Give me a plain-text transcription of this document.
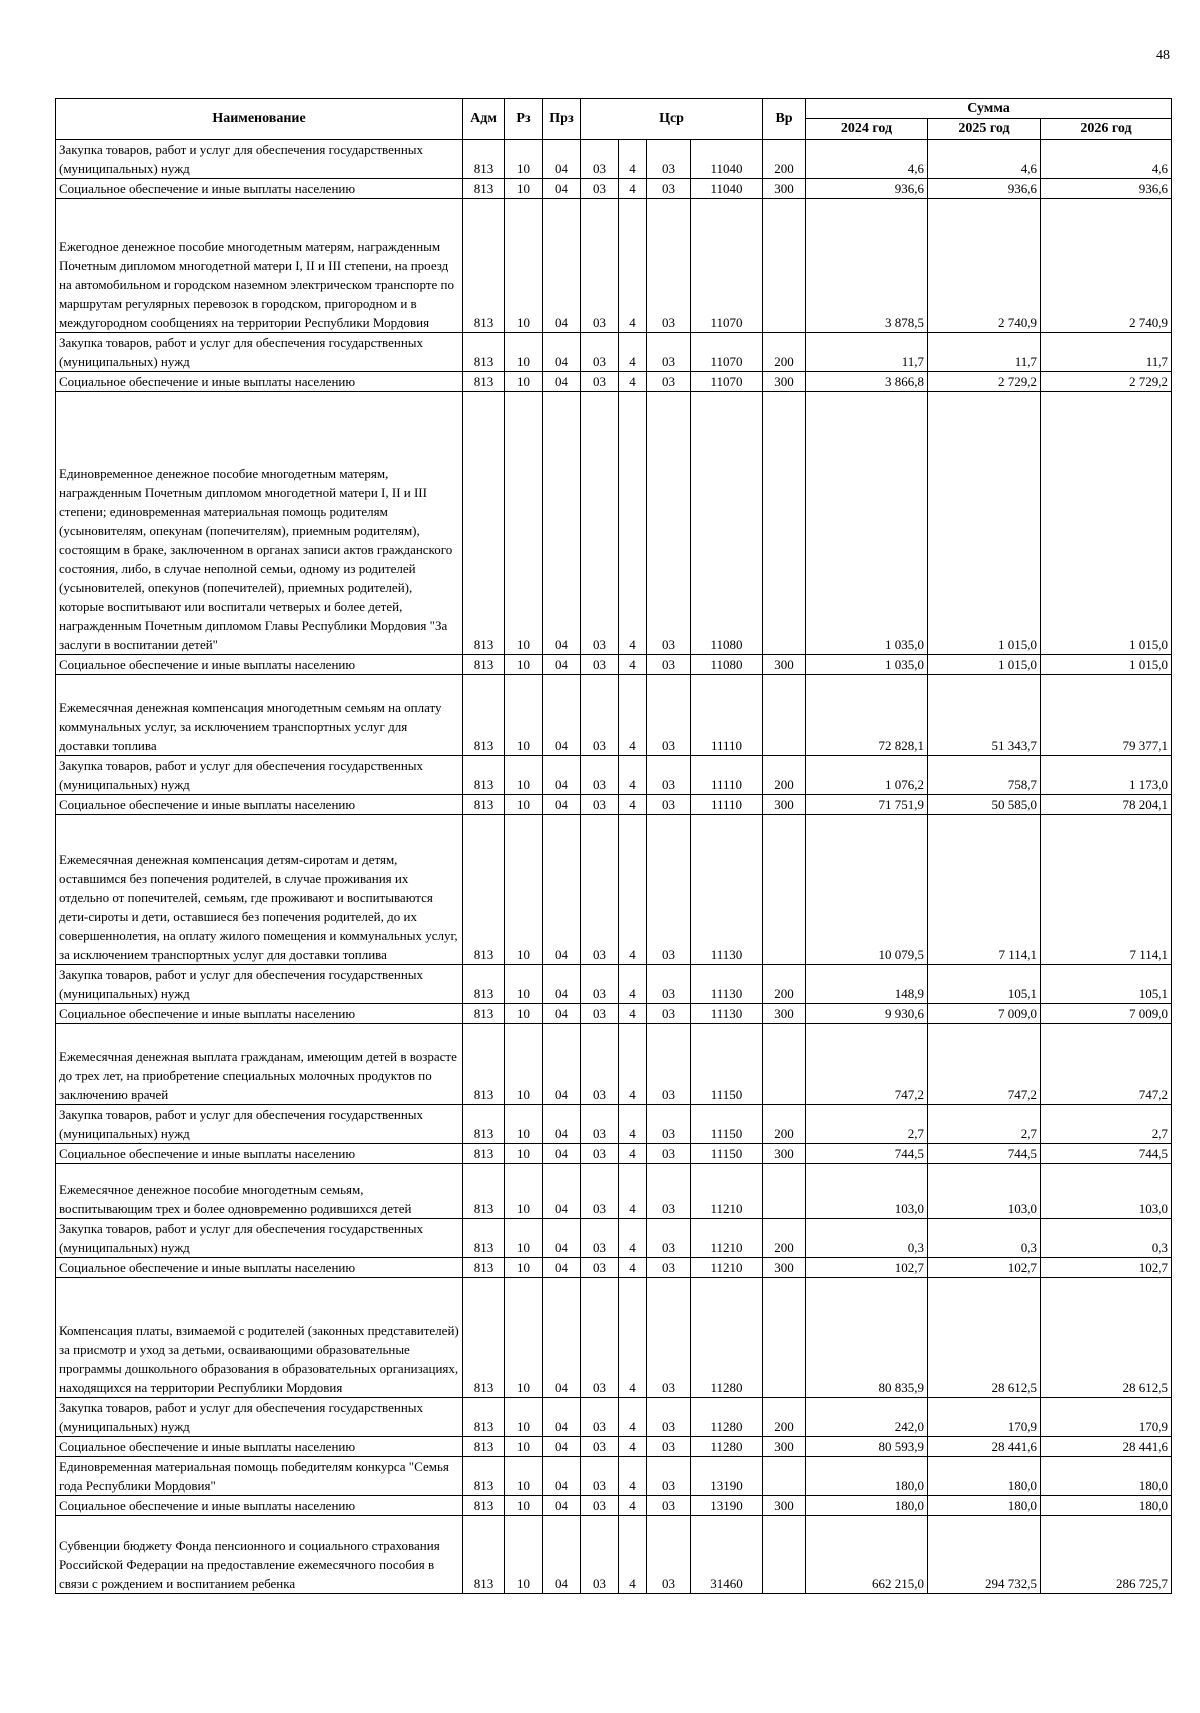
48
Наименование	Адм	Рз	Прз	Цср				Вр	Сумма		
									2024 год	2025 год	2026 год
Закупка товаров, работ и услуг для обеспечения государственных (муниципальных) нужд	813	10	04	03	4	03	11040	200	4,6	4,6	4,6
Социальное обеспечение и иные выплаты населению	813	10	04	03	4	03	11040	300	936,6	936,6	936,6
Ежегодное денежное пособие многодетным матерям, награжденным Почетным дипломом многодетной матери I, II и III степени, на проезд на автомобильном и городском наземном электрическом транспорте по маршрутам регулярных перевозок в городском, пригородном и в междугородном сообщениях на территории Республики Мордовия	813	10	04	03	4	03	11070		3 878,5	2 740,9	2 740,9
Закупка товаров, работ и услуг для обеспечения государственных (муниципальных) нужд	813	10	04	03	4	03	11070	200	11,7	11,7	11,7
Социальное обеспечение и иные выплаты населению	813	10	04	03	4	03	11070	300	3 866,8	2 729,2	2 729,2
Единовременное денежное пособие многодетным матерям, награжденным Почетным дипломом многодетной матери I, II и III степени; единовременная материальная помощь родителям (усыновителям, опекунам (попечителям), приемным родителям), состоящим в браке, заключенном в органах записи актов гражданского состояния, либо, в случае неполной семьи, одному из родителей (усыновителей, опекунов (попечителей), приемных родителей), которые воспитывают или воспитали четверых и более детей, награжденным Почетным дипломом Главы Республики Мордовия "За заслуги в воспитании детей"	813	10	04	03	4	03	11080		1 035,0	1 015,0	1 015,0
Социальное обеспечение и иные выплаты населению	813	10	04	03	4	03	11080	300	1 035,0	1 015,0	1 015,0
Ежемесячная денежная компенсация многодетным семьям на оплату коммунальных услуг, за исключением транспортных услуг для доставки топлива	813	10	04	03	4	03	11110		72 828,1	51 343,7	79 377,1
Закупка товаров, работ и услуг для обеспечения государственных (муниципальных) нужд	813	10	04	03	4	03	11110	200	1 076,2	758,7	1 173,0
Социальное обеспечение и иные выплаты населению	813	10	04	03	4	03	11110	300	71 751,9	50 585,0	78 204,1
Ежемесячная денежная компенсация детям-сиротам и детям, оставшимся без попечения родителей, в случае проживания их отдельно от попечителей, семьям, где проживают и воспитываются дети-сироты и дети, оставшиеся без попечения родителей, до их совершеннолетия, на оплату жилого помещения и коммунальных услуг, за исключением транспортных услуг для доставки топлива	813	10	04	03	4	03	11130		10 079,5	7 114,1	7 114,1
Закупка товаров, работ и услуг для обеспечения государственных (муниципальных) нужд	813	10	04	03	4	03	11130	200	148,9	105,1	105,1
Социальное обеспечение и иные выплаты населению	813	10	04	03	4	03	11130	300	9 930,6	7 009,0	7 009,0
Ежемесячная денежная выплата гражданам, имеющим детей в возрасте до трех лет, на приобретение специальных молочных продуктов по заключению врачей	813	10	04	03	4	03	11150		747,2	747,2	747,2
Закупка товаров, работ и услуг для обеспечения государственных (муниципальных) нужд	813	10	04	03	4	03	11150	200	2,7	2,7	2,7
Социальное обеспечение и иные выплаты населению	813	10	04	03	4	03	11150	300	744,5	744,5	744,5
Ежемесячное денежное пособие многодетным семьям, воспитывающим трех и более одновременно родившихся детей	813	10	04	03	4	03	11210		103,0	103,0	103,0
Закупка товаров, работ и услуг для обеспечения государственных (муниципальных) нужд	813	10	04	03	4	03	11210	200	0,3	0,3	0,3
Социальное обеспечение и иные выплаты населению	813	10	04	03	4	03	11210	300	102,7	102,7	102,7
Компенсация платы, взимаемой с родителей (законных представителей) за присмотр и уход за детьми, осваивающими образовательные программы дошкольного образования в образовательных организациях, находящихся на территории Республики Мордовия	813	10	04	03	4	03	11280		80 835,9	28 612,5	28 612,5
Закупка товаров, работ и услуг для обеспечения государственных (муниципальных) нужд	813	10	04	03	4	03	11280	200	242,0	170,9	170,9
Социальное обеспечение и иные выплаты населению	813	10	04	03	4	03	11280	300	80 593,9	28 441,6	28 441,6
Единовременная материальная помощь победителям конкурса "Семья года Республики Мордовия"	813	10	04	03	4	03	13190		180,0	180,0	180,0
Социальное обеспечение и иные выплаты населению	813	10	04	03	4	03	13190	300	180,0	180,0	180,0
Субвенции бюджету Фонда пенсионного и социального страхования Российской Федерации на предоставление ежемесячного пособия в связи с рождением и воспитанием ребенка	813	10	04	03	4	03	31460		662 215,0	294 732,5	286 725,7
